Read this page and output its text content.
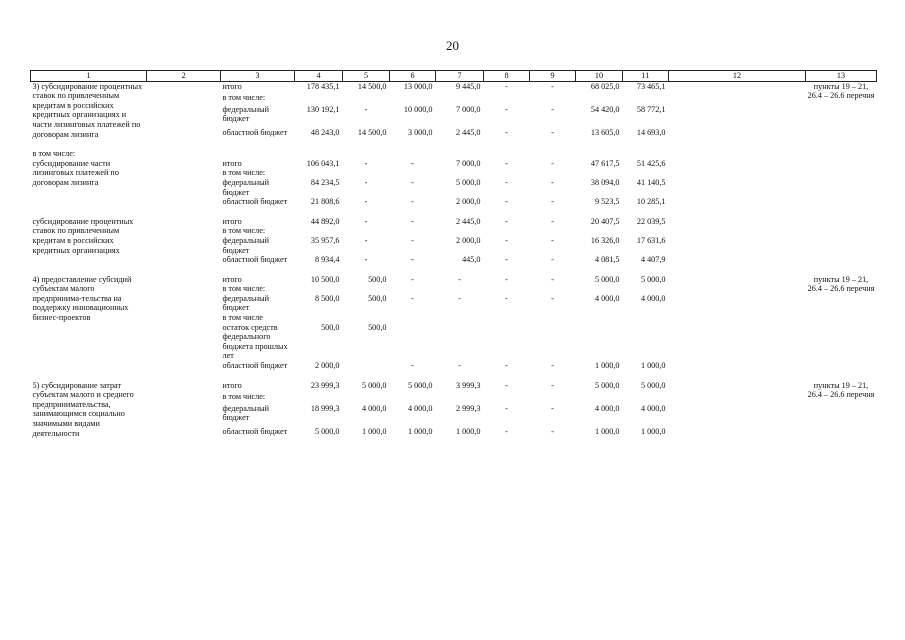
20
1	2	3	4	5	6	7	8	9	10	11	12	13
3) субсидирование процентных ставок по привлеченным кредитам в российских кредитных организациях и части лизинговых платежей по договорам лизинга		итого	178 435,1	14 500,0	13 000,0	9 445,0	-	-	68 025,0	73 465,1		пункты 19 – 21, 26.4 – 26.6 перечня
		в том числе:										
		федеральный бюджет	130 192,1	-	10 000,0	7 000,0	-	-	54 420,0	58 772,1		
		областной бюджет	48 243,0	14 500,0	3 000,0	2 445,0	-	-	13 605,0	14 693,0		

в том числе:												
субсидирование части лизинговых платежей по договорам лизинга		итого	106 043,1	-	-	7 000,0	-	-	47 617,5	51 425,6		
		в том числе:										
		федеральный бюджет	84 234,5	-	-	5 000,0	-	-	38 094,0	41 140,5		
		областной бюджет	21 808,6	-	-	2 000,0	-	-	9 523,5	10 285,1		

субсидирование процентных ставок по привлеченным кредитам в российских кредитных организациях		итого	44 892,0	-	-	2 445,0	-	-	20 407,5	22 039,5		
		в том числе:										
		федеральный бюджет	35 957,6	-	-	2 000,0	-	-	16 326,0	17 631,6		
		областной бюджет	8 934,4	-	-	445,0	-	-	4 081,5	4 407,9		

4) предоставление субсидий субъектам малого предпринима-тельства на поддержку инновационных бизнес-проектов		итого	10 500,0	500,0	-	-	-	-	5 000,0	5 000,0		пункты 19 – 21, 26.4 – 26.6 перечня
		в том числе:										
		федеральный бюджет	8 500,0	500,0	-	-	-	-	4 000,0	4 000,0		
		в том числе										
		остаток средств федерального бюджета прошлых лет	500,0	500,0								
		областной бюджет	2 000,0		-	-	-	-	1 000,0	1 000,0		

5) субсидирование затрат субъектам малого и среднего предпринимательства, занимающимся социально значимыми видами деятельности		итого	23 999,3	5 000,0	5 000,0	3 999,3	-	-	5 000,0	5 000,0		пункты 19 – 21, 26.4 – 26.6 перечня
		в том числе:										
		федеральный бюджет	18 999,3	4 000,0	4 000,0	2 999,3	-	-	4 000,0	4 000,0		
		областной бюджет	5 000,0	1 000,0	1 000,0	1 000,0	-	-	1 000,0	1 000,0		
